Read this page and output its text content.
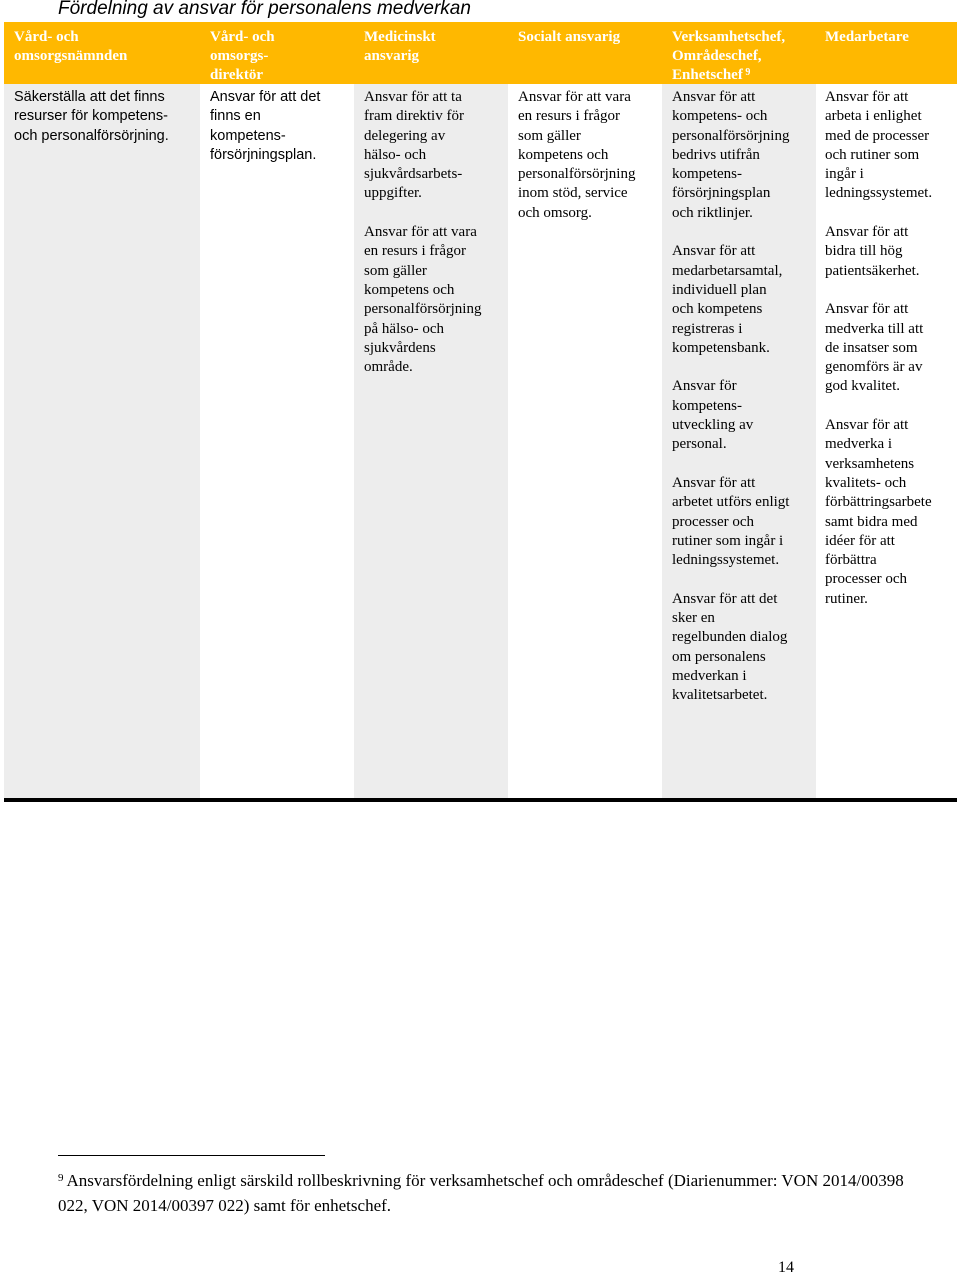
Fördelning av ansvar för personalens medverkan
Vård- och
omsorgsnämnden
Säkerställa att det finns
resurser för kompetens-
och personalförsörjning.
Vård- och
omsorgs-
direktör
Ansvar för att det
finns en
kompetens-
försörjningsplan.
Medicinskt
ansvarig
Ansvar för att ta
fram direktiv för
delegering av
hälso- och
sjukvårdsarbets-
uppgifter.
Ansvar för att vara
en resurs i frågor
som gäller
kompetens och
personalförsörjning
på hälso- och
sjukvårdens
område.
Socialt ansvarig
Ansvar för att vara
en resurs i frågor
som gäller
kompetens och
personalförsörjning
inom stöd, service
och omsorg.
Verksamhetschef,
Områdeschef,
Enhetschef $^9$
Ansvar för att
kompetens- och
personalförsörjning
bedrivs utifrån
kompetens-
försörjningsplan
och riktlinjer.
Ansvar för att
medarbetarsamtal,
individuell plan
och kompetens
registreras i
kompetensbank.
Ansvar för
kompetens-
utveckling av
personal.
Ansvar för att
arbetet utförs enligt
processer och
rutiner som ingår i
ledningssystemet.
Ansvar för att det
sker en
regelbunden dialog
om personalens
medverkan i
kvalitetsarbetet.
Medarbetare
Ansvar för att
arbeta i enlighet
med de processer
och rutiner som
ingår i
ledningssystemet.
Ansvar för att
bidra till hög
patientsäkerhet.
Ansvar för att
medverka till att
de insatser som
genomförs är av
god kvalitet.
Ansvar för att
medverka i
verksamhetens
kvalitets- och
förbättringsarbete
samt bidra med
idéer för att
förbättra
processer och
rutiner.
$^9$ Ansvarsfördelning enligt särskild rollbeskrivning för verksamhetschef och områdeschef (Diarienummer: VON 2014/00398 022, VON 2014/00397 022) samt för enhetschef.
14
